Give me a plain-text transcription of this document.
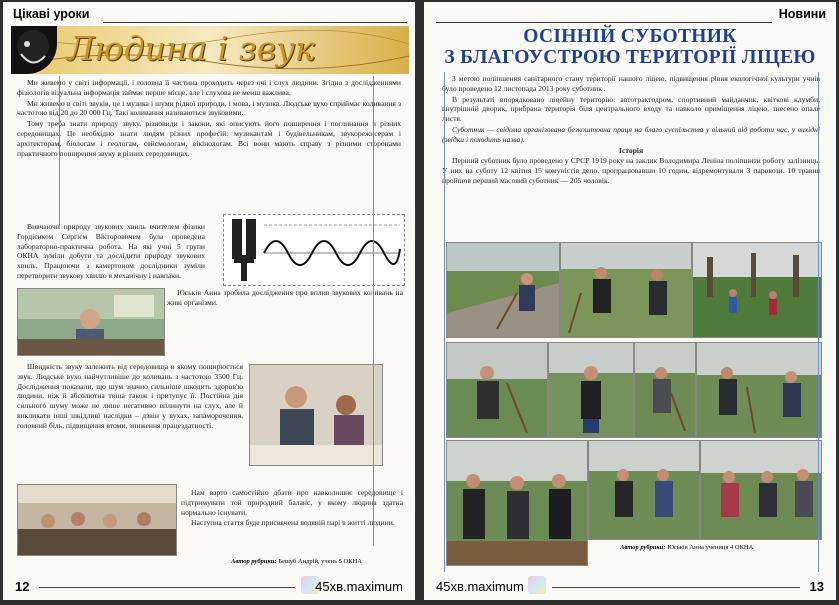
Цікаві уроки
Людина і звук

Ми живемо у світі інформації, і головна її частина проходить через очі і слух людини. Згідно з дослідженнями фізіологів візуальна інформація займає перше місце, але і слухова не менш важлива.

Ми живемо в світі звуків, це і музика і шуми рідної природи, і мова, і музика. Людське вухо сприймає коливання з частотою від 20 до 20 000 Гц. Такі коливання називаються звуковими.

Тому треба знати природу звуку, різновиди і закони, які описують його поширення і поглинання в різних середовищах. Це необхідно знати людям різних професій: музикантам і будівельникам, звукорежисерам і архітекторам, біологам і геологам, сейсмологам, вікінологам. Всі вони мають справу з різними сторонами практичного поширення звуку в різних середовищах.

Вивчаючи природу звукових хвиль вчителем фізики Гордієнком Сергієм Вікторовичем була проведена лабораторно-практична робота. На які учні 5 групи ОКНА зуміли добути та дослідити природу звукових хвиль. Працюючи з камертоном дослідники зуміли перетворити звукову хвилю в механічну і навпаки.

Юськів Анна зробила дослідження про вплив звукових коливань на живі організми.

Швидкість звуку залежить від середовища в якому поширюється звук. Людське вухо найчутливіше до коливань з частотою 3500 Гц. Дослідження показали, що шум значно сильніше шкодить здоров'ю людини, ніж й абсолютна тиша також і притупує її. Постійна дія сильного шуму може не лише негативно вплинути на слух, але й викликати інші шкідливі наслідки – дзвін у вухах, запаморочення, головний біль, підвищення втоми, зниження працездатності.

Нам варто самостійно дбати про навколишнє середовище і підтримувати той природний баланс, у якому людина здатна нормально існувати.

Наступна стаття буде присвячена водяній парі в житті людини.

Автор рубрики: Бешуб Андрій, учень 5 ОКНА
12	45хв.maximum
Новини
ОСІННІЙ СУБОТНИК
З БЛАГОУСТРОЮ ТЕРИТОРІЇ ЛІЦЕЮ

З метою поліпшення санітарного стану території нашого ліцею, підвищення рівня екологічної культури учнів було проведено 12 листопада 2013 року суботник .

В результаті впорядковано ліцейну територію: автотрактодром, спортивний майданчик, квіткові клумби, внутрішній дворик, прибрана територія біля центрального входу та навколо приміщення ліцею, знесено опале листя.

Суботник — свідома організована безкоштовна праця на благо суспільства у вільний від роботи час, у вихідні (звідки і походить назва).

Історія

Перший суботник було проведено у СРСР 1919 року на заклик Володимира Леніна поліпшити роботу залізниць. У них на суботу 12 квітня 15 комуністів депо, пропрацювавши 10 годин, відремонтували 3 паровози. 10 травня пройшов перший масовий суботник — 205 чоловік.

Автор рубрики: Юськів Анна учениця 4 ОКНА
45хв.maximum	13
